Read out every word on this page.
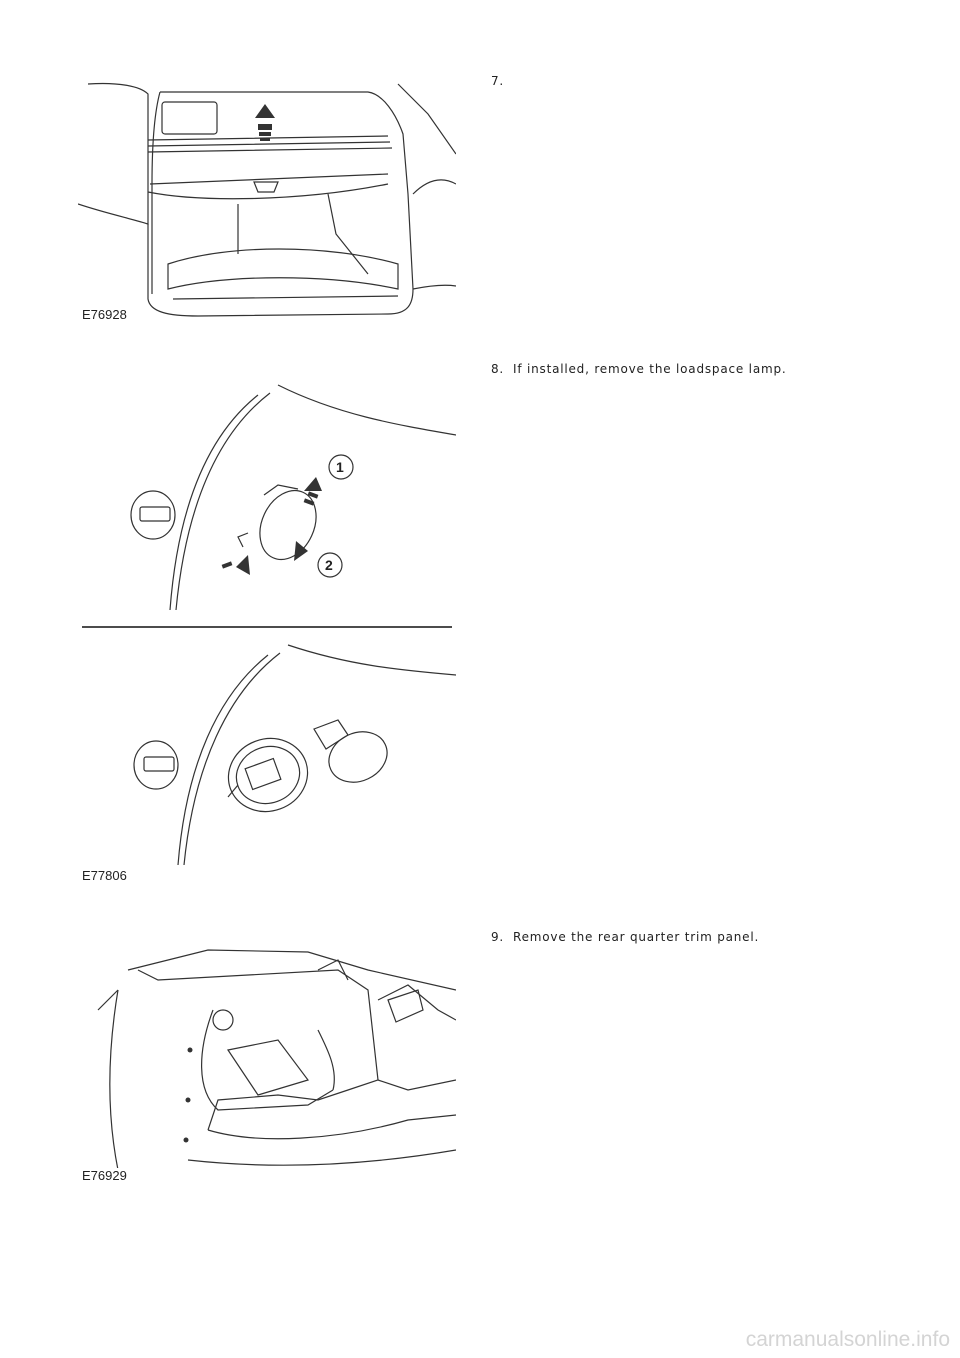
E76928
7.
1
2
E77806
8. If installed, remove the loadspace lamp.
E76929
9. Remove the rear quarter trim panel.
carmanualsonline.info
